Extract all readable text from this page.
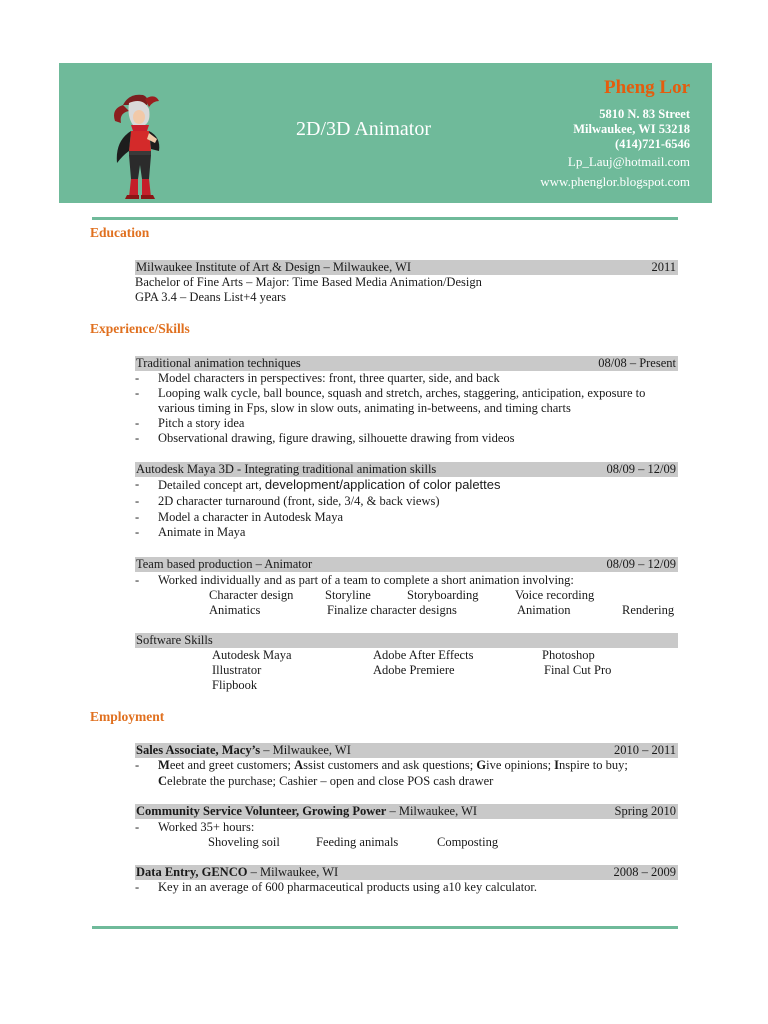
2D/3D Animator
Pheng Lor
5810 N. 83 Street
Milwaukee, WI 53218
(414)721-6546
Lp_Lauj@hotmail.com
www.phenglor.blogspot.com
Education
Milwaukee Institute of Art & Design – Milwaukee, WI	2011
Bachelor of Fine Arts – Major: Time Based Media Animation/Design
GPA 3.4 – Deans List+4 years
Experience/Skills
Traditional animation techniques	08/08 – Present
- Model characters in perspectives: front, three quarter, side, and back
- Looping walk cycle, ball bounce, squash and stretch, arches, staggering, anticipation, exposure to
various timing in Fps, slow in slow outs, animating in-betweens, and timing charts
- Pitch a story idea
- Observational drawing, figure drawing, silhouette drawing from videos
Autodesk Maya 3D - Integrating traditional animation skills	08/09 – 12/09
- Detailed concept art, development/application of color palettes
- 2D character turnaround (front, side, 3/4, & back views)
- Model a character in Autodesk Maya
- Animate in Maya
Team based production – Animator	08/09 – 12/09
- Worked individually and as part of a team to complete a short animation involving:
Character design	Storyline	Storyboarding	Voice recording
Animatics	Finalize character designs	Animation	Rendering
Software Skills
Autodesk Maya	Adobe After Effects	Photoshop
Illustrator	Adobe Premiere	Final Cut Pro
Flipbook
Employment
Sales Associate, Macy’s – Milwaukee, WI	2010 – 2011
- Meet and greet customers; Assist customers and ask questions; Give opinions; Inspire to buy;
Celebrate the purchase; Cashier – open and close POS cash drawer
Community Service Volunteer, Growing Power – Milwaukee, WI	Spring 2010
- Worked 35+ hours:
Shoveling soil	Feeding animals	Composting
Data Entry, GENCO – Milwaukee, WI	2008 – 2009
- Key in an average of 600 pharmaceutical products using a10 key calculator.
